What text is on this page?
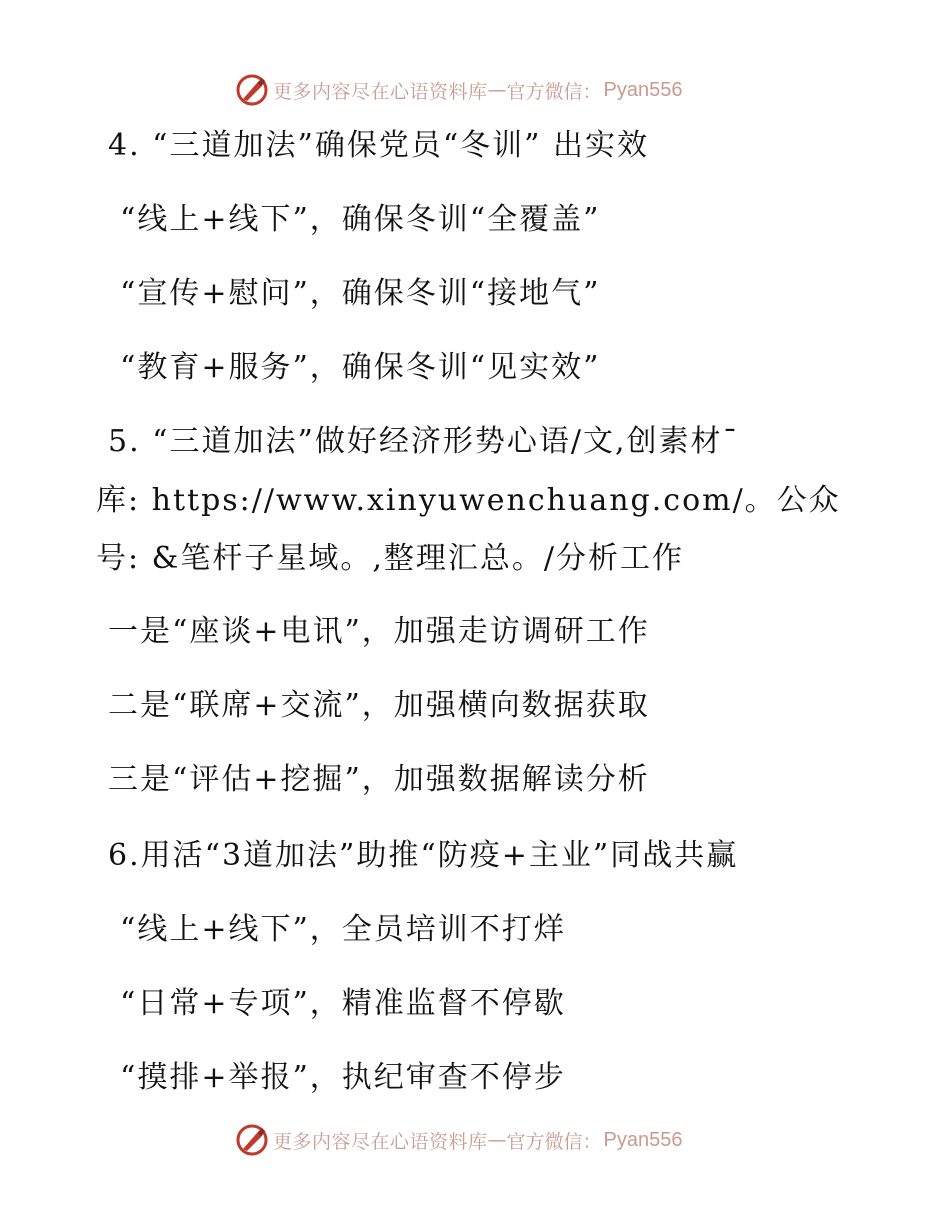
更多内容尽在心语资料库 — 官方微信： Pyan556
4. “三道加法”确保党员“冬训” 出实效
“线上+线下”，确保冬训“全覆盖”
“宣传+慰问”，确保冬训“接地气”
“教育+服务”，确保冬训“见实效”
5. “三道加法”做好经济形势心语/文,创素材¯
库: https://www.xinyuwenchuang.com/。公众
号: &笔杆子星域。,整理汇总。/分析工作
一是“座谈+电讯”，加强走访调研工作
二是“联席+交流”，加强横向数据获取
三是“评估+挖掘”，加强数据解读分析
6.用活“3道加法”助推“防疫+主业”同战共赢
“线上+线下”，全员培训不打烊
“日常+专项”，精准监督不停歇
“摸排+举报”，执纪审查不停步
更多内容尽在心语资料库 — 官方微信： Pyan556
